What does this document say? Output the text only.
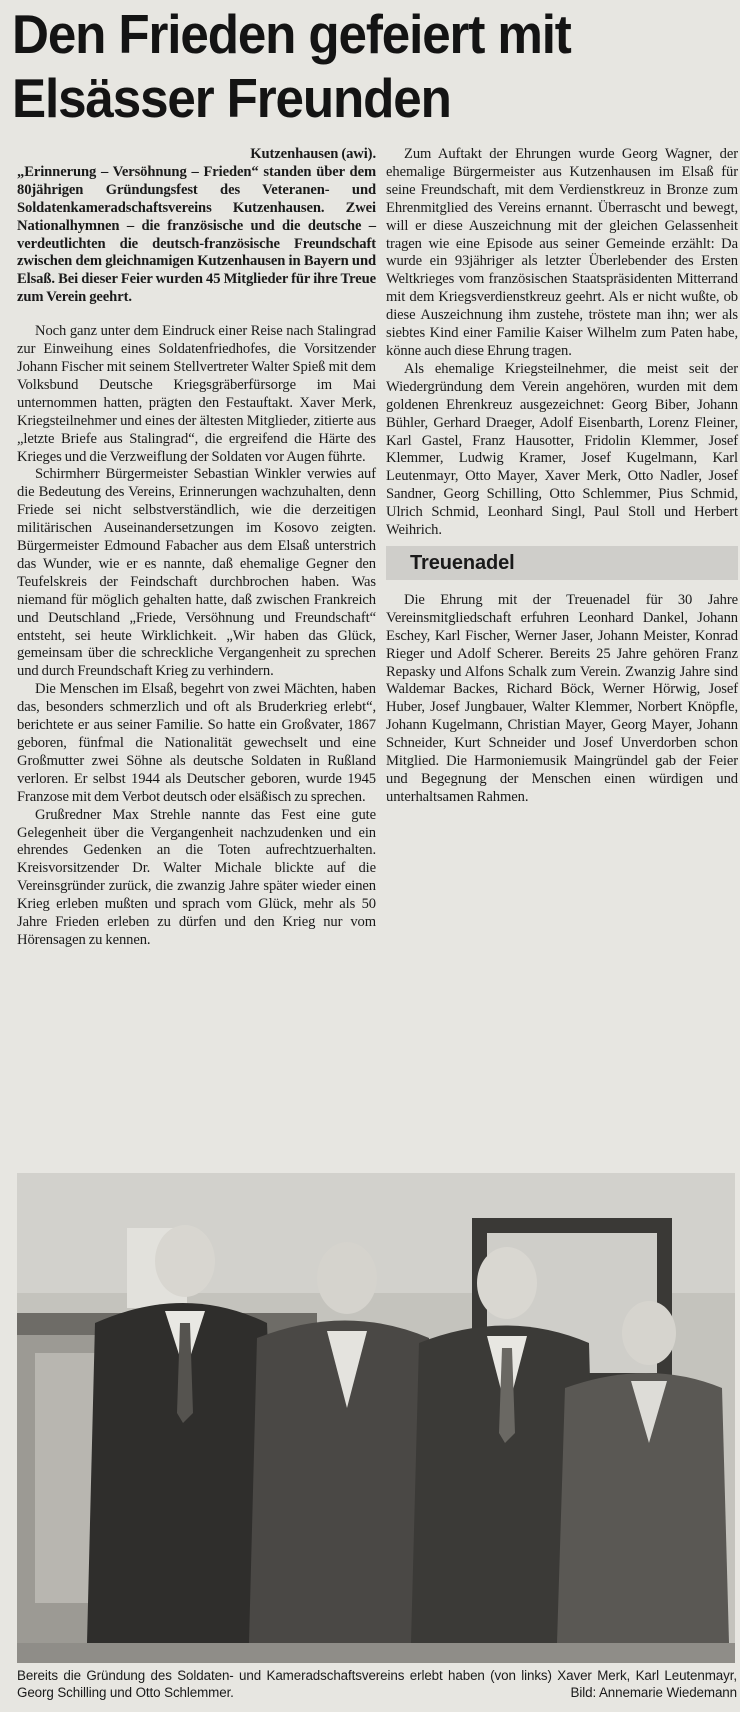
Den Frieden gefeiert mit
Elsässer Freunden

Kutzenhausen (awi).

„Erinnerung – Versöhnung – Frieden“ standen über dem 80jährigen Gründungsfest des Veteranen- und Soldatenkameradschaftsvereins Kutzenhausen. Zwei Nationalhymnen – die französische und die deutsche – verdeutlichten die deutsch-französische Freundschaft zwischen dem gleichnamigen Kutzenhausen in Bayern und Elsaß. Bei dieser Feier wurden 45 Mitglieder für ihre Treue zum Verein geehrt.

Noch ganz unter dem Eindruck einer Reise nach Stalingrad zur Einweihung eines Soldatenfriedhofes, die Vorsitzender Johann Fischer mit seinem Stellvertreter Walter Spieß mit dem Volksbund Deutsche Kriegsgräberfürsorge im Mai unternommen hatten, prägten den Festauftakt. Xaver Merk, Kriegsteilnehmer und eines der ältesten Mitglieder, zitierte aus „letzte Briefe aus Stalingrad“, die ergreifend die Härte des Krieges und die Verzweiflung der Soldaten vor Augen führte.

Schirmherr Bürgermeister Sebastian Winkler verwies auf die Bedeutung des Vereins, Erinnerungen wachzuhalten, denn Friede sei nicht selbstverständlich, wie die derzeitigen militärischen Auseinandersetzungen im Kosovo zeigten. Bürgermeister Edmound Fabacher aus dem Elsaß unterstrich das Wunder, wie er es nannte, daß ehemalige Gegner den Teufelskreis der Feindschaft durchbrochen haben. Was niemand für möglich gehalten hatte, daß zwischen Frankreich und Deutschland „Friede, Versöhnung und Freundschaft“ entsteht, sei heute Wirklichkeit. „Wir haben das Glück, gemeinsam über die schreckliche Vergangenheit zu sprechen und durch Freundschaft Krieg zu verhindern.

Die Menschen im Elsaß, begehrt von zwei Mächten, haben das, besonders schmerzlich und oft als Bruderkrieg erlebt“, berichtete er aus seiner Familie. So hatte ein Großvater, 1867 geboren, fünfmal die Nationalität gewechselt und eine Großmutter zwei Söhne als deutsche Soldaten in Rußland verloren. Er selbst 1944 als Deutscher geboren, wurde 1945 Franzose mit dem Verbot deutsch oder elsäßisch zu sprechen.

Grußredner Max Strehle nannte das Fest eine gute Gelegenheit über die Vergangenheit nachzudenken und ein ehrendes Gedenken an die Toten aufrechtzuerhalten. Kreisvorsitzender Dr. Walter Michale blickte auf die Vereinsgründer zurück, die zwanzig Jahre später wieder einen Krieg erleben mußten und sprach vom Glück, mehr als 50 Jahre Frieden erleben zu dürfen und den Krieg nur vom Hörensagen zu kennen.

Zum Auftakt der Ehrungen wurde Georg Wagner, der ehemalige Bürgermeister aus Kutzenhausen im Elsaß für seine Freundschaft, mit dem Verdienstkreuz in Bronze zum Ehrenmitglied des Vereins ernannt. Überrascht und bewegt, will er diese Auszeichnung mit der gleichen Gelassenheit tragen wie eine Episode aus seiner Gemeinde erzählt: Da wurde ein 93jähriger als letzter Überlebender des Ersten Weltkrieges vom französischen Staatspräsidenten Mitterrand mit dem Kriegsverdienstkreuz geehrt. Als er nicht wußte, ob diese Auszeichnung ihm zustehe, tröstete man ihn; wer als siebtes Kind einer Familie Kaiser Wilhelm zum Paten habe, könne auch diese Ehrung tragen.

Als ehemalige Kriegsteilnehmer, die meist seit der Wiedergründung dem Verein angehören, wurden mit dem goldenen Ehrenkreuz ausgezeichnet: Georg Biber, Johann Bühler, Gerhard Draeger, Adolf Eisenbarth, Lorenz Fleiner, Karl Gastel, Franz Hausotter, Fridolin Klemmer, Josef Klemmer, Ludwig Kramer, Josef Kugelmann, Karl Leutenmayr, Otto Mayer, Xaver Merk, Otto Nadler, Josef Sandner, Georg Schilling, Otto Schlemmer, Pius Schmid, Ulrich Schmid, Leonhard Singl, Paul Stoll und Herbert Weihrich.

Treuenadel

Die Ehrung mit der Treuenadel für 30 Jahre Vereinsmitgliedschaft erfuhren Leonhard Dankel, Johann Eschey, Karl Fischer, Werner Jaser, Johann Meister, Konrad Rieger und Adolf Scherer. Bereits 25 Jahre gehören Franz Repasky und Alfons Schalk zum Verein. Zwanzig Jahre sind Waldemar Backes, Richard Böck, Werner Hörwig, Josef Huber, Josef Jungbauer, Walter Klemmer, Norbert Knöpfle, Johann Kugelmann, Christian Mayer, Georg Mayer, Johann Schneider, Kurt Schneider und Josef Unverdorben schon Mitglied. Die Harmoniemusik Maingründel gab der Feier und Begegnung der Menschen einen würdigen und unterhaltsamen Rahmen.

Bereits die Gründung des Soldaten- und Kameradschaftsvereins erlebt haben (von links) Xaver Merk, Karl Leutenmayr, Georg Schilling und Otto Schlemmer.	Bild: Annemarie Wiedemann
